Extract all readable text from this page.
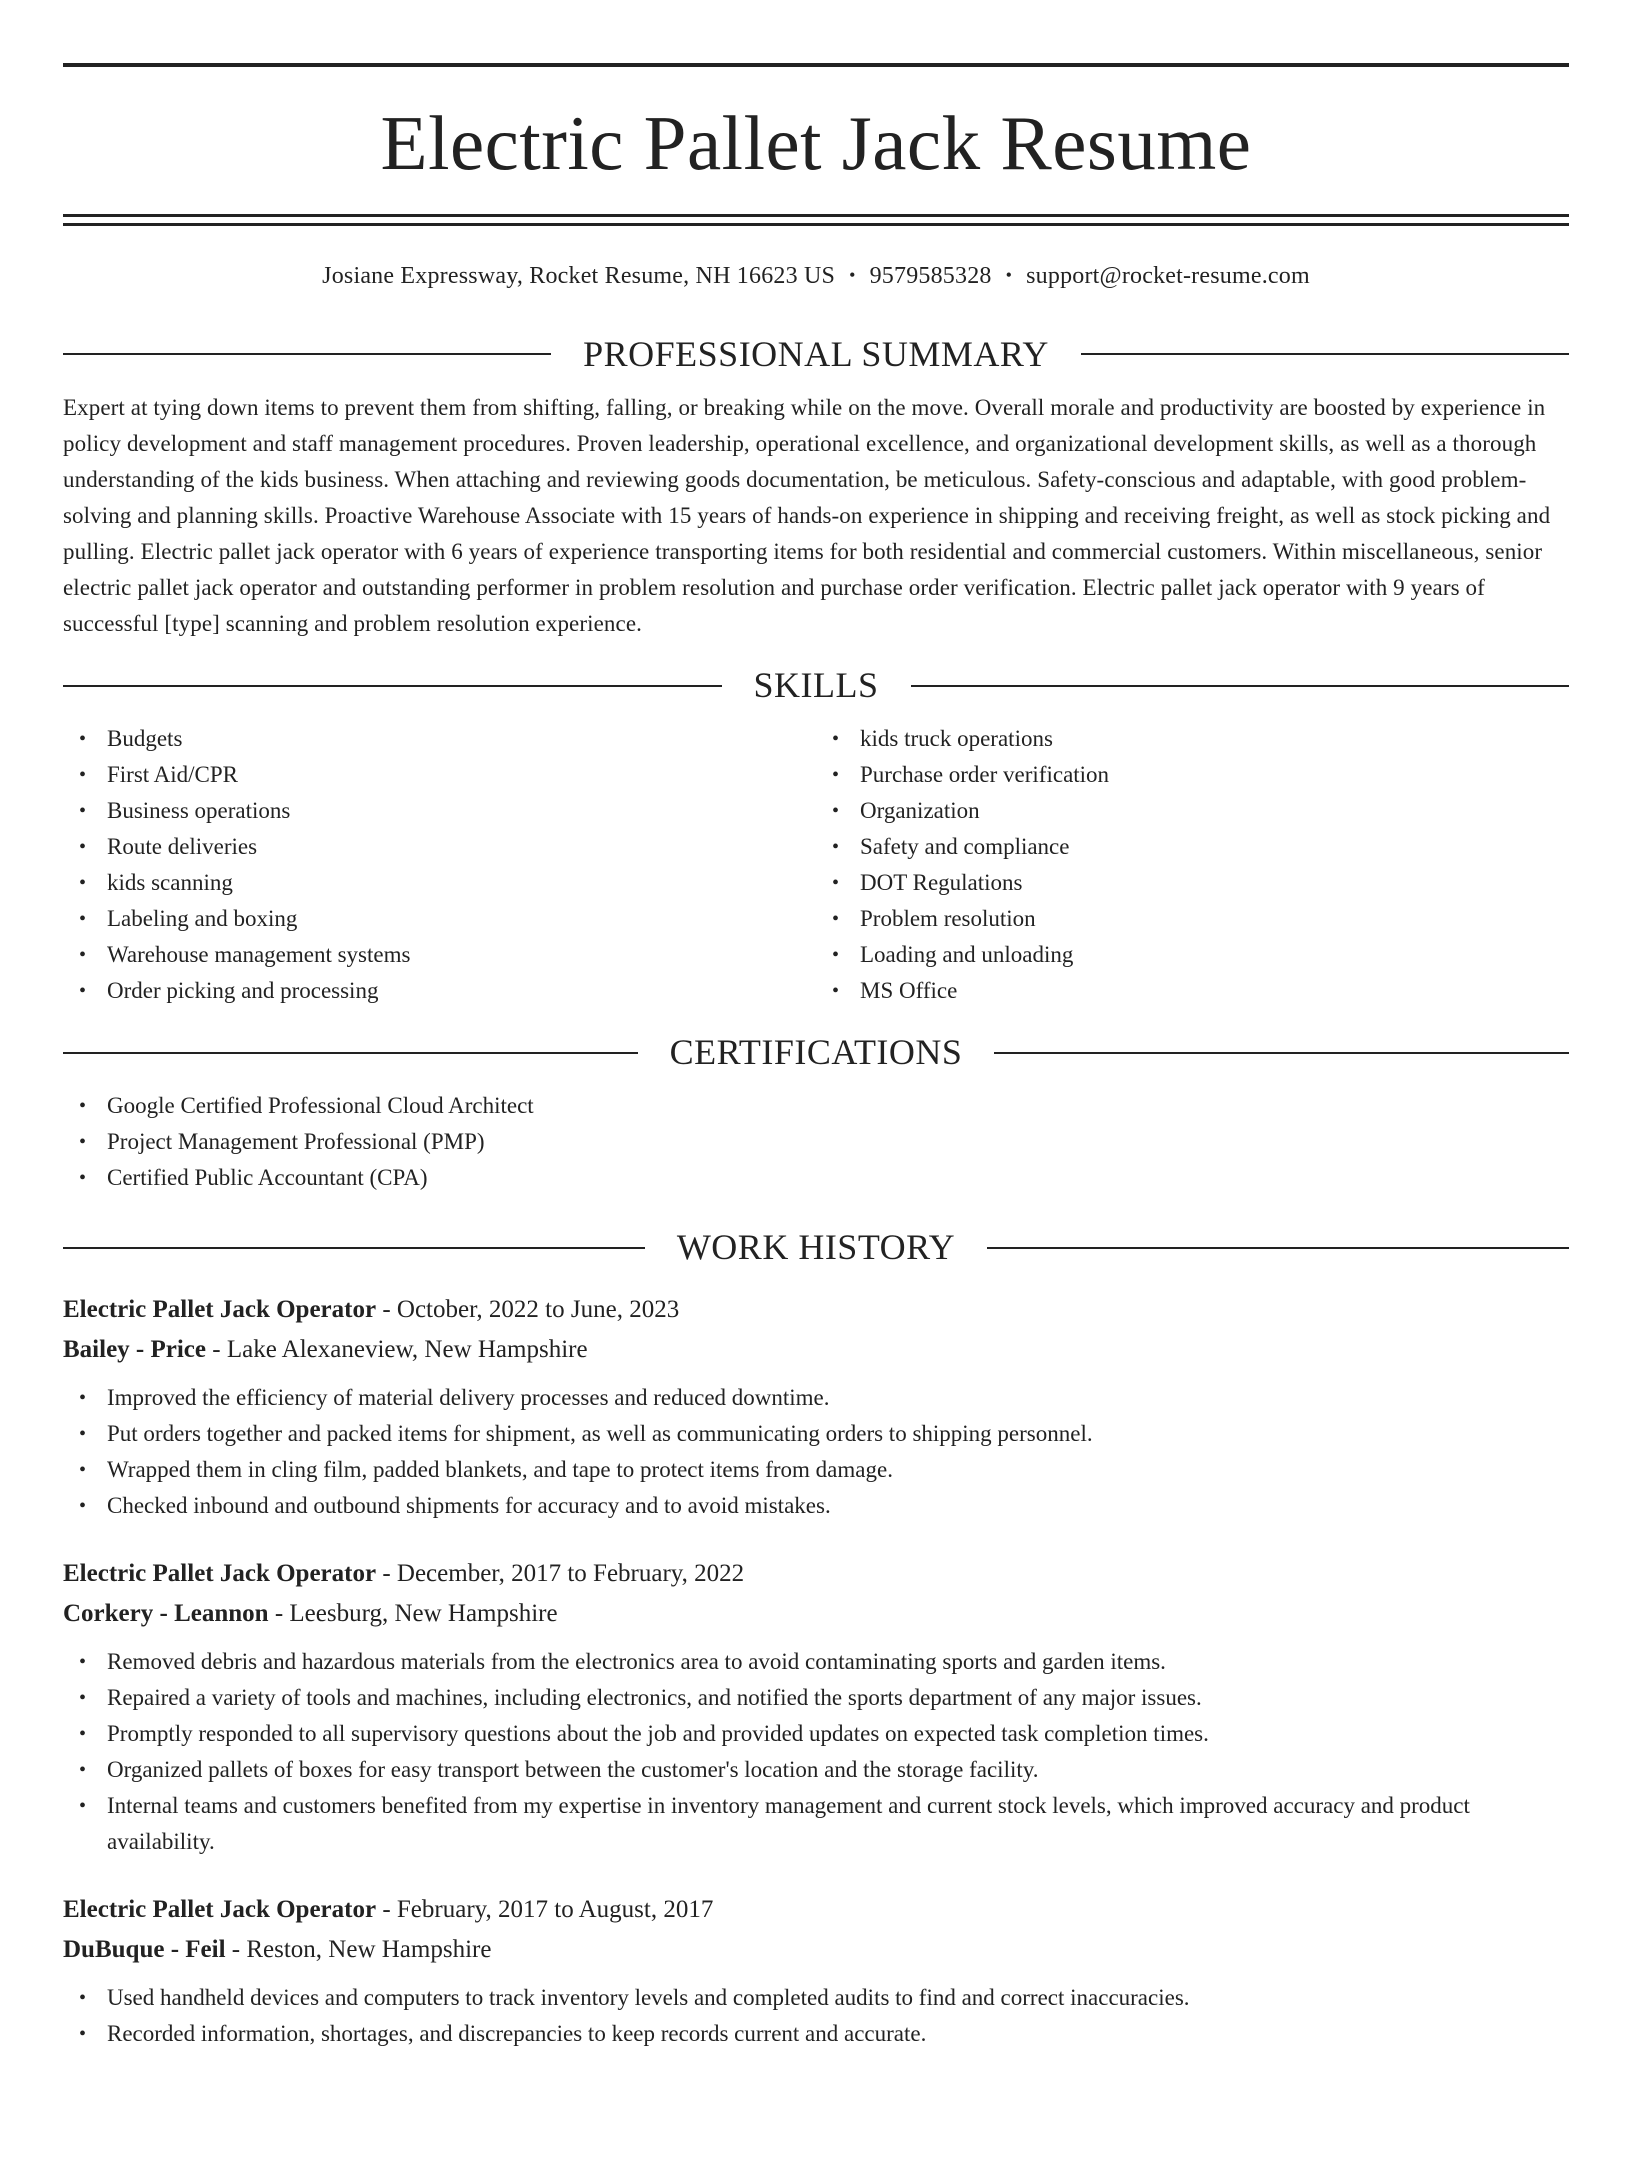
Electric Pallet Jack Resume
Josiane Expressway, Rocket Resume, NH 16623 US • 9579585328 • support@rocket-resume.com
PROFESSIONAL SUMMARY

Expert at tying down items to prevent them from shifting, falling, or breaking while on the move. Overall morale and productivity are boosted by experience in policy development and staff management procedures. Proven leadership, operational excellence, and organizational development skills, as well as a thorough understanding of the kids business. When attaching and reviewing goods documentation, be meticulous. Safety-conscious and adaptable, with good problem-solving and planning skills. Proactive Warehouse Associate with 15 years of hands-on experience in shipping and receiving freight, as well as stock picking and pulling. Electric pallet jack operator with 6 years of experience transporting items for both residential and commercial customers. Within miscellaneous, senior electric pallet jack operator and outstanding performer in problem resolution and purchase order verification. Electric pallet jack operator with 9 years of successful [type] scanning and problem resolution experience.

SKILLS
• Budgets
• First Aid/CPR
• Business operations
• Route deliveries
• kids scanning
• Labeling and boxing
• Warehouse management systems
• Order picking and processing
• kids truck operations
• Purchase order verification
• Organization
• Safety and compliance
• DOT Regulations
• Problem resolution
• Loading and unloading
• MS Office
CERTIFICATIONS
• Google Certified Professional Cloud Architect
• Project Management Professional (PMP)
• Certified Public Accountant (CPA)
WORK HISTORY
Electric Pallet Jack Operator - October, 2022 to June, 2023
Bailey - Price - Lake Alexaneview, New Hampshire
• Improved the efficiency of material delivery processes and reduced downtime.
• Put orders together and packed items for shipment, as well as communicating orders to shipping personnel.
• Wrapped them in cling film, padded blankets, and tape to protect items from damage.
• Checked inbound and outbound shipments for accuracy and to avoid mistakes.
Electric Pallet Jack Operator - December, 2017 to February, 2022
Corkery - Leannon - Leesburg, New Hampshire
• Removed debris and hazardous materials from the electronics area to avoid contaminating sports and garden items.
• Repaired a variety of tools and machines, including electronics, and notified the sports department of any major issues.
• Promptly responded to all supervisory questions about the job and provided updates on expected task completion times.
• Organized pallets of boxes for easy transport between the customer's location and the storage facility.
• Internal teams and customers benefited from my expertise in inventory management and current stock levels, which improved accuracy and product availability.
Electric Pallet Jack Operator - February, 2017 to August, 2017
DuBuque - Feil - Reston, New Hampshire
• Used handheld devices and computers to track inventory levels and completed audits to find and correct inaccuracies.
• Recorded information, shortages, and discrepancies to keep records current and accurate.
